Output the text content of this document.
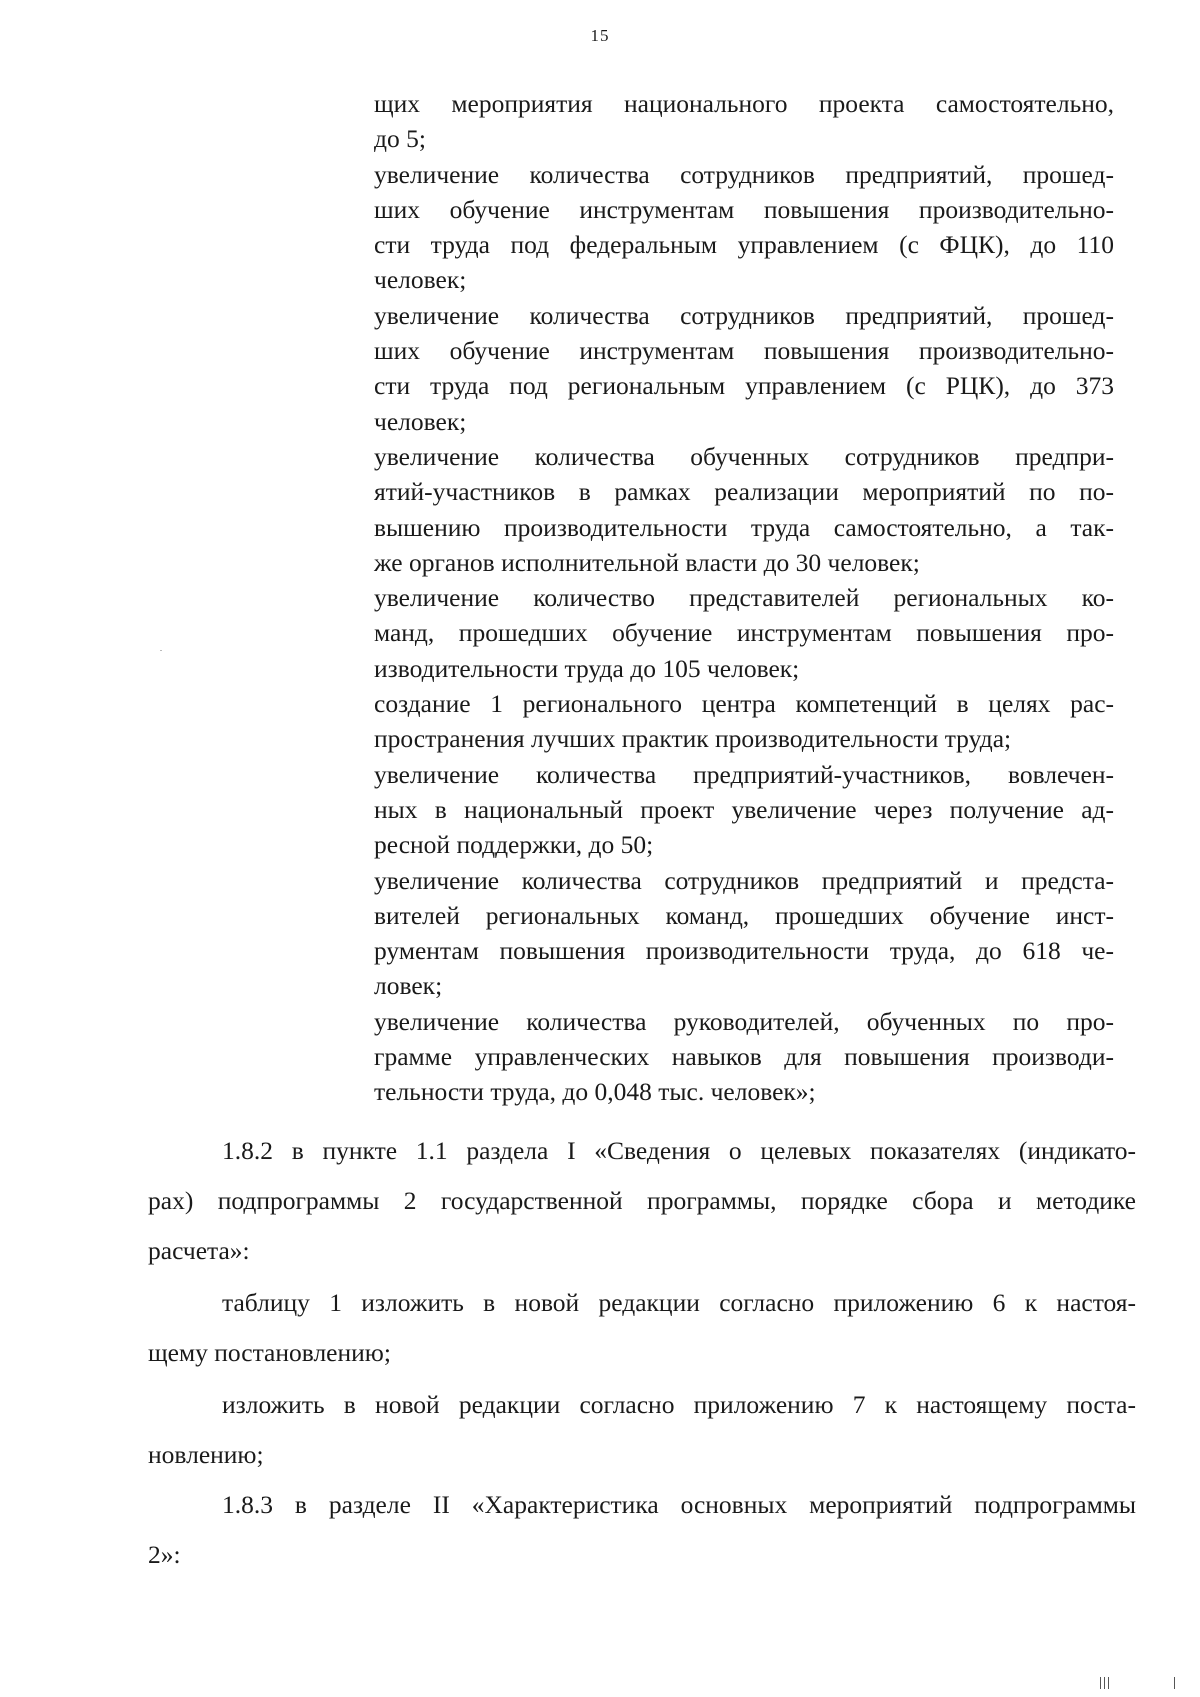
15
щих мероприятия национального проекта самостоятельно,
до 5;
увеличение количества сотрудников предприятий, прошед-
ших обучение инструментам повышения производительно-
сти труда под федеральным управлением (с ФЦК), до 110
человек;
увеличение количества сотрудников предприятий, прошед-
ших обучение инструментам повышения производительно-
сти труда под региональным управлением (с РЦК), до 373
человек;
увеличение количества обученных сотрудников предпри-
ятий-участников в рамках реализации мероприятий по по-
вышению производительности труда самостоятельно, а так-
же органов исполнительной власти до 30 человек;
увеличение количество представителей региональных ко-
манд, прошедших обучение инструментам повышения про-
изводительности труда до 105 человек;
создание 1 регионального центра компетенций в целях рас-
пространения лучших практик производительности труда;
увеличение количества предприятий-участников, вовлечен-
ных в национальный проект увеличение через получение ад-
ресной поддержки, до 50;
увеличение количества сотрудников предприятий и предста-
вителей региональных команд, прошедших обучение инст-
рументам повышения производительности труда, до 618 че-
ловек;
увеличение количества руководителей, обученных по про-
грамме управленческих навыков для повышения производи-
тельности труда, до 0,048 тыс. человек»;
1.8.2 в пункте 1.1 раздела I «Сведения о целевых показателях (индикато-
рах) подпрограммы 2 государственной программы, порядке сбора и методике
расчета»:
таблицу 1 изложить в новой редакции согласно приложению 6 к настоя-
щему постановлению;
изложить в новой редакции согласно приложению 7 к настоящему поста-
новлению;
1.8.3 в разделе II «Характеристика основных мероприятий подпрограммы
2»:
